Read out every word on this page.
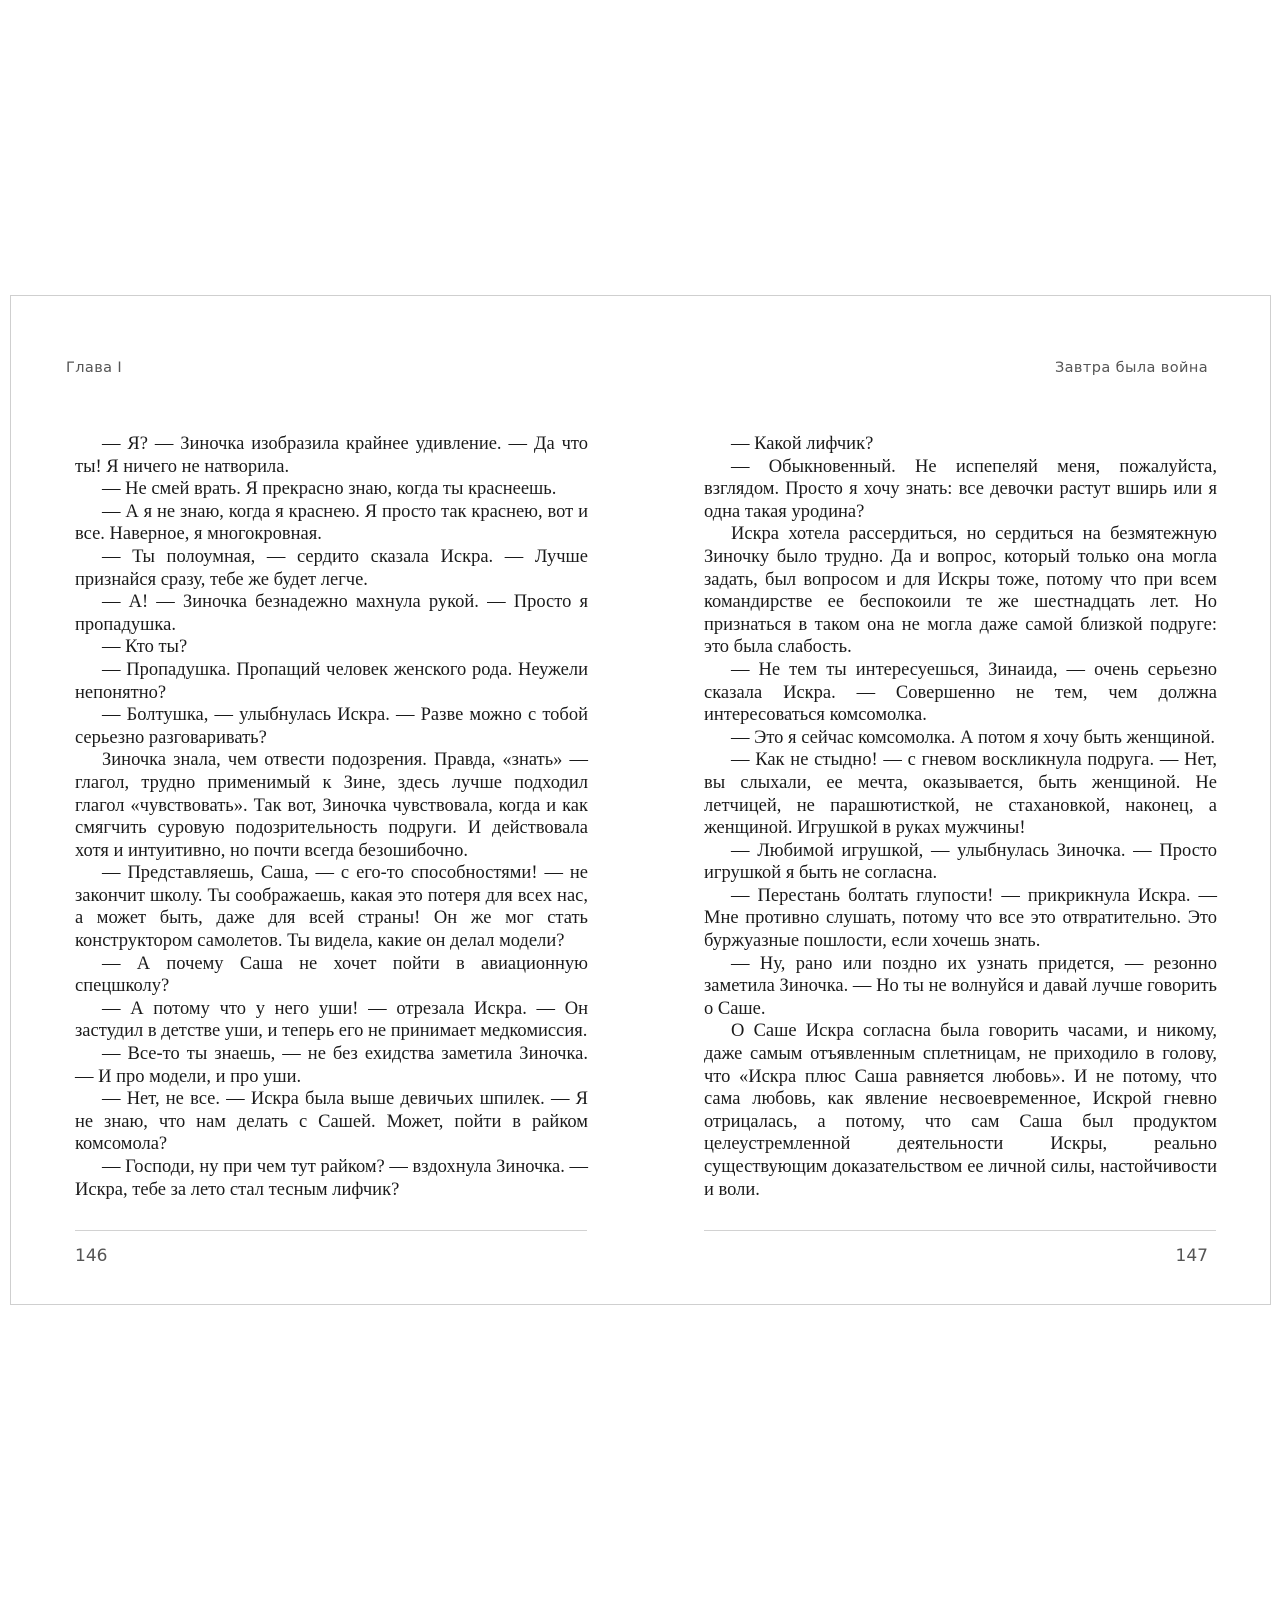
Глава I

— Я? — Зиночка изобразила крайнее удивление. — Да что ты! Я ничего не натворила.

— Не смей врать. Я прекрасно знаю, когда ты краснеешь.

— А я не знаю, когда я краснею. Я просто так краснею, вот и все. Наверное, я многокровная.

— Ты полоумная, — сердито сказала Искра. — Лучше признайся сразу, тебе же будет легче.

— А! — Зиночка безнадежно махнула рукой. — Просто я пропадушка.

— Кто ты?

— Пропадушка. Пропащий человек женского рода. Неужели непонятно?

— Болтушка, — улыбнулась Искра. — Разве можно с тобой серьезно разговаривать?

Зиночка знала, чем отвести подозрения. Правда, «знать» — глагол, трудно применимый к Зине, здесь лучше подходил глагол «чувствовать». Так вот, Зиночка чувствовала, когда и как смягчить суровую подозрительность подруги. И действовала хотя и интуитивно, но почти всегда безошибочно.

— Представляешь, Саша, — с его-то способностями! — не закончит школу. Ты соображаешь, какая это потеря для всех нас, а может быть, даже для всей страны! Он же мог стать конструктором самолетов. Ты видела, какие он делал модели?

— А почему Саша не хочет пойти в авиационную спецшколу?

— А потому что у него уши! — отрезала Искра. — Он застудил в детстве уши, и теперь его не принимает медкомиссия.

— Все-то ты знаешь, — не без ехидства заметила Зиночка. — И про модели, и про уши.

— Нет, не все. — Искра была выше девичьих шпилек. — Я не знаю, что нам делать с Сашей. Может, пойти в райком комсомола?

— Господи, ну при чем тут райком? — вздохнула Зиночка. — Искра, тебе за лето стал тесным лифчик?

146
Завтра была война

— Какой лифчик?

— Обыкновенный. Не испепеляй меня, пожалуйста, взглядом. Просто я хочу знать: все девочки растут вширь или я одна такая уродина?

Искра хотела рассердиться, но сердиться на безмятежную Зиночку было трудно. Да и вопрос, который только она могла задать, был вопросом и для Искры тоже, потому что при всем командирстве ее беспокоили те же шестнадцать лет. Но признаться в таком она не могла даже самой близкой подруге: это была слабость.

— Не тем ты интересуешься, Зинаида, — очень серьезно сказала Искра. — Совершенно не тем, чем должна интересоваться комсомолка.

— Это я сейчас комсомолка. А потом я хочу быть женщиной.

— Как не стыдно! — с гневом воскликнула подруга. — Нет, вы слыхали, ее мечта, оказывается, быть женщиной. Не летчицей, не парашютисткой, не стахановкой, наконец, а женщиной. Игрушкой в руках мужчины!

— Любимой игрушкой, — улыбнулась Зиночка. — Просто игрушкой я быть не согласна.

— Перестань болтать глупости! — прикрикнула Искра. — Мне противно слушать, потому что все это отвратительно. Это буржуазные пошлости, если хочешь знать.

— Ну, рано или поздно их узнать придется, — резонно заметила Зиночка. — Но ты не волнуйся и давай лучше говорить о Саше.

О Саше Искра согласна была говорить часами, и никому, даже самым отъявленным сплетницам, не приходило в голову, что «Искра плюс Саша равняется любовь». И не потому, что сама любовь, как явление несвоевременное, Искрой гневно отрицалась, а потому, что сам Саша был продуктом целеустремленной деятельности Искры, реально существующим доказательством ее личной силы, настойчивости и воли.

147
